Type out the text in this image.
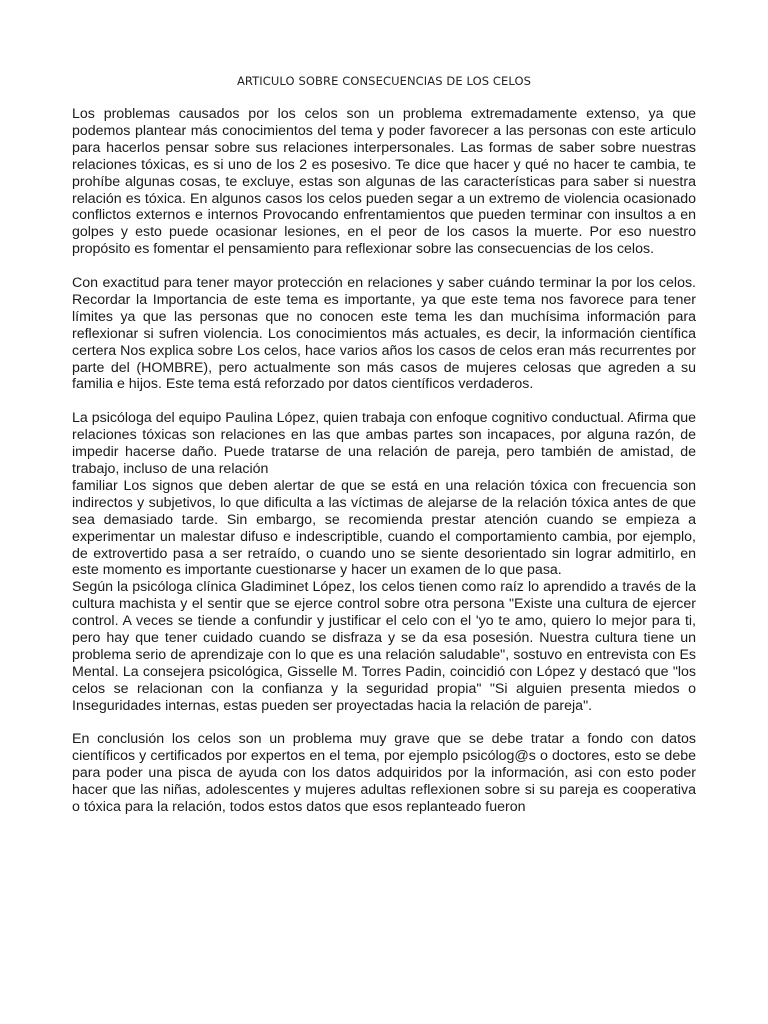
ARTICULO SOBRE CONSECUENCIAS DE LOS CELOS

Los problemas causados por los celos son un problema extremadamente extenso, ya que podemos plantear más conocimientos del tema y poder favorecer a las personas con este articulo para hacerlos pensar sobre sus relaciones interpersonales. Las formas de saber sobre nuestras relaciones tóxicas, es si uno de los 2 es posesivo. Te dice que hacer y qué no hacer te cambia, te prohíbe algunas cosas, te excluye, estas son algunas de las características para saber si nuestra relación es tóxica. En algunos casos los celos pueden segar a un extremo de violencia ocasionado conflictos externos e internos Provocando enfrentamientos que pueden terminar con insultos a en golpes y esto puede ocasionar lesiones, en el peor de los casos la muerte. Por eso nuestro propósito es fomentar el pensamiento para reflexionar sobre las consecuencias de los celos.

Con exactitud para tener mayor protección en relaciones y saber cuándo terminar la por los celos. Recordar la Importancia de este tema es importante, ya que este tema nos favorece para tener límites ya que las personas que no conocen este tema les dan muchísima información para reflexionar si sufren violencia. Los conocimientos más actuales, es decir, la información científica certera Nos explica sobre Los celos, hace varios años los casos de celos eran más recurrentes por parte del (HOMBRE), pero actualmente son más casos de mujeres celosas que agreden a su familia e hijos. Este tema está reforzado por datos científicos verdaderos.

La psicóloga del equipo Paulina López, quien trabaja con enfoque cognitivo conductual. Afirma que relaciones tóxicas son relaciones en las que ambas partes son incapaces, por alguna razón, de impedir hacerse daño. Puede tratarse de una relación de pareja, pero también de amistad, de trabajo, incluso de una relación

familiar Los signos que deben alertar de que se está en una relación tóxica con frecuencia son indirectos y subjetivos, lo que dificulta a las víctimas de alejarse de la relación tóxica antes de que sea demasiado tarde. Sin embargo, se recomienda prestar atención cuando se empieza a experimentar un malestar difuso e indescriptible, cuando el comportamiento cambia, por ejemplo, de extrovertido pasa a ser retraído, o cuando uno se siente desorientado sin lograr admitirlo, en este momento es importante cuestionarse y hacer un examen de lo que pasa.

Según la psicóloga clínica Gladiminet López, los celos tienen como raíz lo aprendido a través de la cultura machista y el sentir que se ejerce control sobre otra persona "Existe una cultura de ejercer control. A veces se tiende a confundir y justificar el celo con el 'yo te amo, quiero lo mejor para ti, pero hay que tener cuidado cuando se disfraza y se da esa posesión. Nuestra cultura tiene un problema serio de aprendizaje con lo que es una relación saludable", sostuvo en entrevista con Es Mental. La consejera psicológica, Gisselle M. Torres Padin, coincidió con López y destacó que "los celos se relacionan con la confianza y la seguridad propia" "Si alguien presenta miedos o Inseguridades internas, estas pueden ser proyectadas hacia la relación de pareja".

En conclusión los celos son un problema muy grave que se debe tratar a fondo con datos científicos y certificados por expertos en el tema, por ejemplo psicólog@s o doctores, esto se debe para poder una pisca de ayuda con los datos adquiridos por la información, asi con esto poder hacer que las niñas, adolescentes y mujeres adultas reflexionen sobre si su pareja es cooperativa o tóxica para la relación, todos estos datos que esos replanteado fueron
